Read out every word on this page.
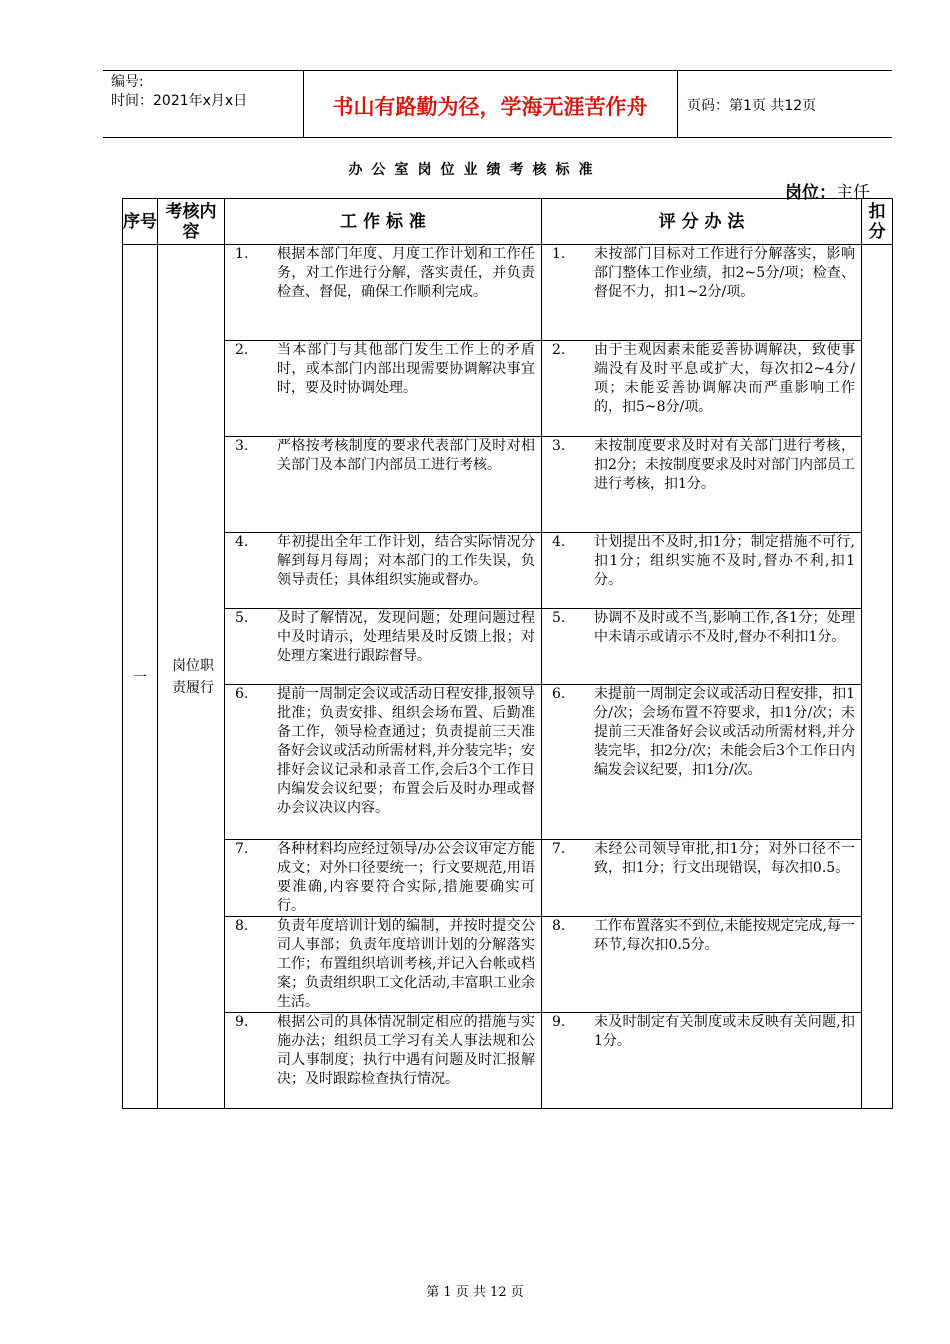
编号:
时间：2021年x月x日	书山有路勤为径，学海无涯苦作舟	页码：第1页 共12页
办公室岗位业绩考核标准
岗位：主任
序号	考核内容	工 作 标 准	评 分 办 法	扣分
一	岗位职责履行	1. 根据本部门年度、月度工作计划和工作任务，对工作进行分解，落实责任，并负责检查、督促，确保工作顺利完成。	1. 未按部门目标对工作进行分解落实，影响部门整体工作业绩，扣2~5分/项；检查、督促不力，扣1~2分/项。	

		2. 当本部门与其他部门发生工作上的矛盾时，或本部门内部出现需要协调解决事宜时，要及时协调处理。	2. 由于主观因素未能妥善协调解决，致使事端没有及时平息或扩大，每次扣2~4分/项；未能妥善协调解决而严重影响工作的，扣5~8分/项。	

		3. 严格按考核制度的要求代表部门及时对相关部门及本部门内部员工进行考核。	3. 未按制度要求及时对有关部门进行考核，扣2分；未按制度要求及时对部门内部员工进行考核，扣1分。	

		4. 年初提出全年工作计划，结合实际情况分解到每月每周；对本部门的工作失误，负领导责任；具体组织实施或督办。	4. 计划提出不及时,扣1分；制定措施不可行,扣1分；组织实施不及时,督办不利,扣1分。	

		5. 及时了解情况，发现问题；处理问题过程中及时请示，处理结果及时反馈上报；对处理方案进行跟踪督导。	5. 协调不及时或不当,影响工作,各1分；处理中未请示或请示不及时,督办不利扣1分。	

		6. 提前一周制定会议或活动日程安排,报领导批准；负责安排、组织会场布置、后勤准备工作，领导检查通过；负责提前三天准备好会议或活动所需材料,并分装完毕；安排好会议记录和录音工作,会后3个工作日内编发会议纪要；布置会后及时办理或督办会议决议内容。	6. 未提前一周制定会议或活动日程安排，扣1分/次；会场布置不符要求，扣1分/次；未提前三天准备好会议或活动所需材料,并分装完毕，扣2分/次；未能会后3个工作日内编发会议纪要，扣1分/次。	

		7. 各种材料均应经过领导/办公会议审定方能成文；对外口径要统一；行文要规范,用语要准确,内容要符合实际,措施要确实可行。	7. 未经公司领导审批,扣1分；对外口径不一致，扣1分；行文出现错误，每次扣0.5。	

		8. 负责年度培训计划的编制，并按时提交公司人事部；负责年度培训计划的分解落实工作；布置组织培训考核,并记入台帐或档案；负责组织职工文化活动,丰富职工业余生活。	8. 工作布置落实不到位,未能按规定完成,每一环节,每次扣0.5分。	

		9. 根据公司的具体情况制定相应的措施与实施办法；组织员工学习有关人事法规和公司人事制度；执行中遇有问题及时汇报解决；及时跟踪检查执行情况。	9. 未及时制定有关制度或未反映有关问题,扣1分。	
第 1 页 共 12 页
